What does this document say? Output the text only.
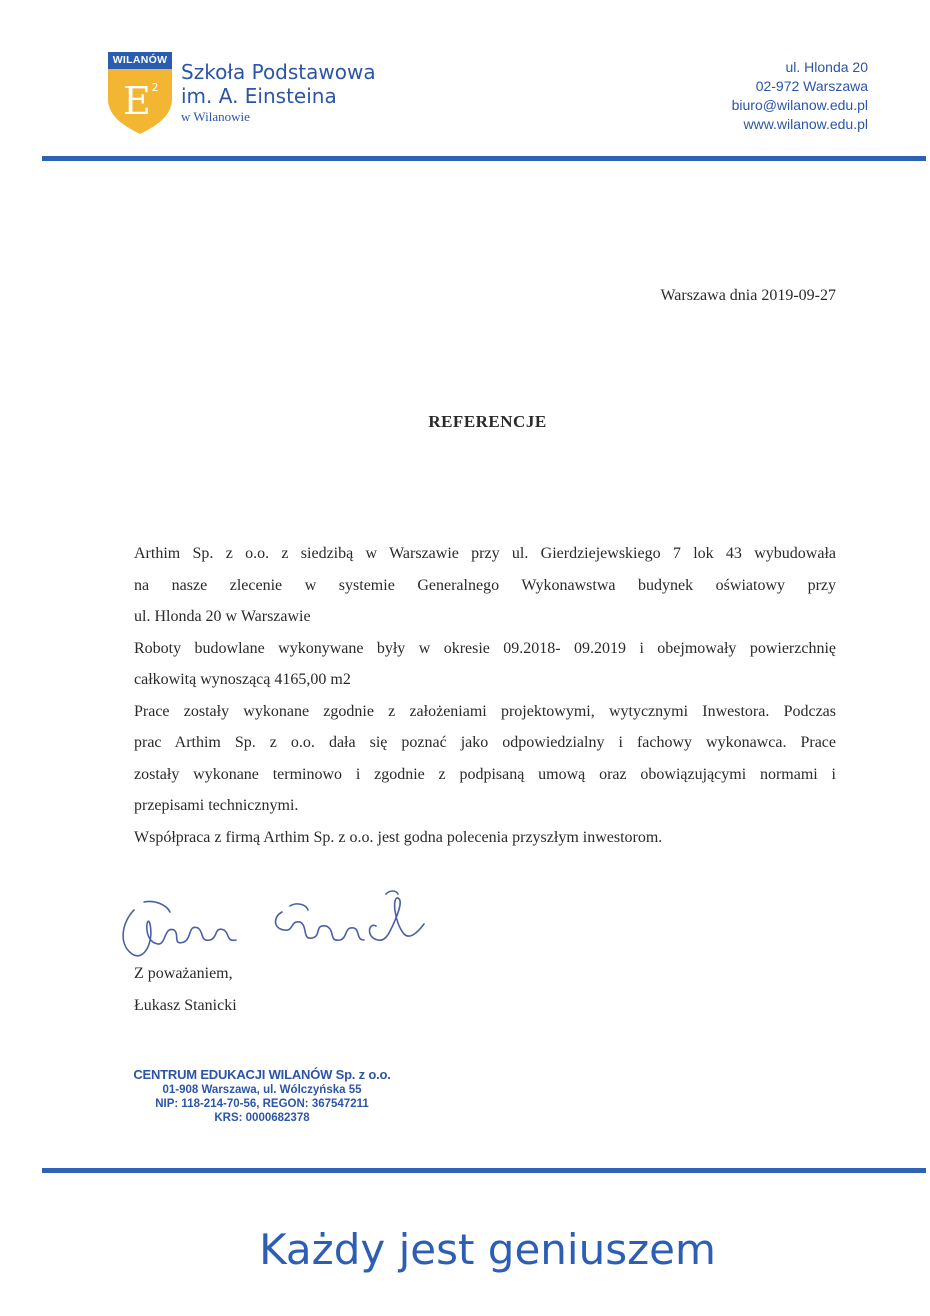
WILANÓW
E 2
Szkoła Podstawowa
im. A. Einsteina
w Wilanowie
ul. Hlonda 20
02-972 Warszawa
biuro@wilanow.edu.pl
www.wilanow.edu.pl
Warszawa dnia 2019-09-27
REFERENCJE

Arthim Sp. z o.o. z siedzibą w Warszawie przy ul. Gierdziejewskiego 7 lok 43 wybudowała

na nasze zlecenie w systemie Generalnego Wykonawstwa budynek oświatowy przy

ul. Hlonda 20 w Warszawie

Roboty budowlane wykonywane były w okresie 09.2018- 09.2019 i obejmowały powierzchnię

całkowitą wynoszącą 4165,00 m2

Prace zostały wykonane zgodnie z założeniami projektowymi, wytycznymi Inwestora. Podczas

prac Arthim Sp. z o.o. dała się poznać jako odpowiedzialny i fachowy wykonawca. Prace

zostały wykonane terminowo i zgodnie z podpisaną umową oraz obowiązującymi normami i

przepisami technicznymi.

Współpraca z firmą Arthim Sp. z o.o. jest godna polecenia przyszłym inwestorom.

Z poważaniem,
Łukasz Stanicki
CENTRUM EDUKACJI WILANÓW Sp. z o.o.
01-908 Warszawa, ul. Wólczyńska 55
NIP: 118-214-70-56, REGON: 367547211
KRS: 0000682378
Każdy jest geniuszem
